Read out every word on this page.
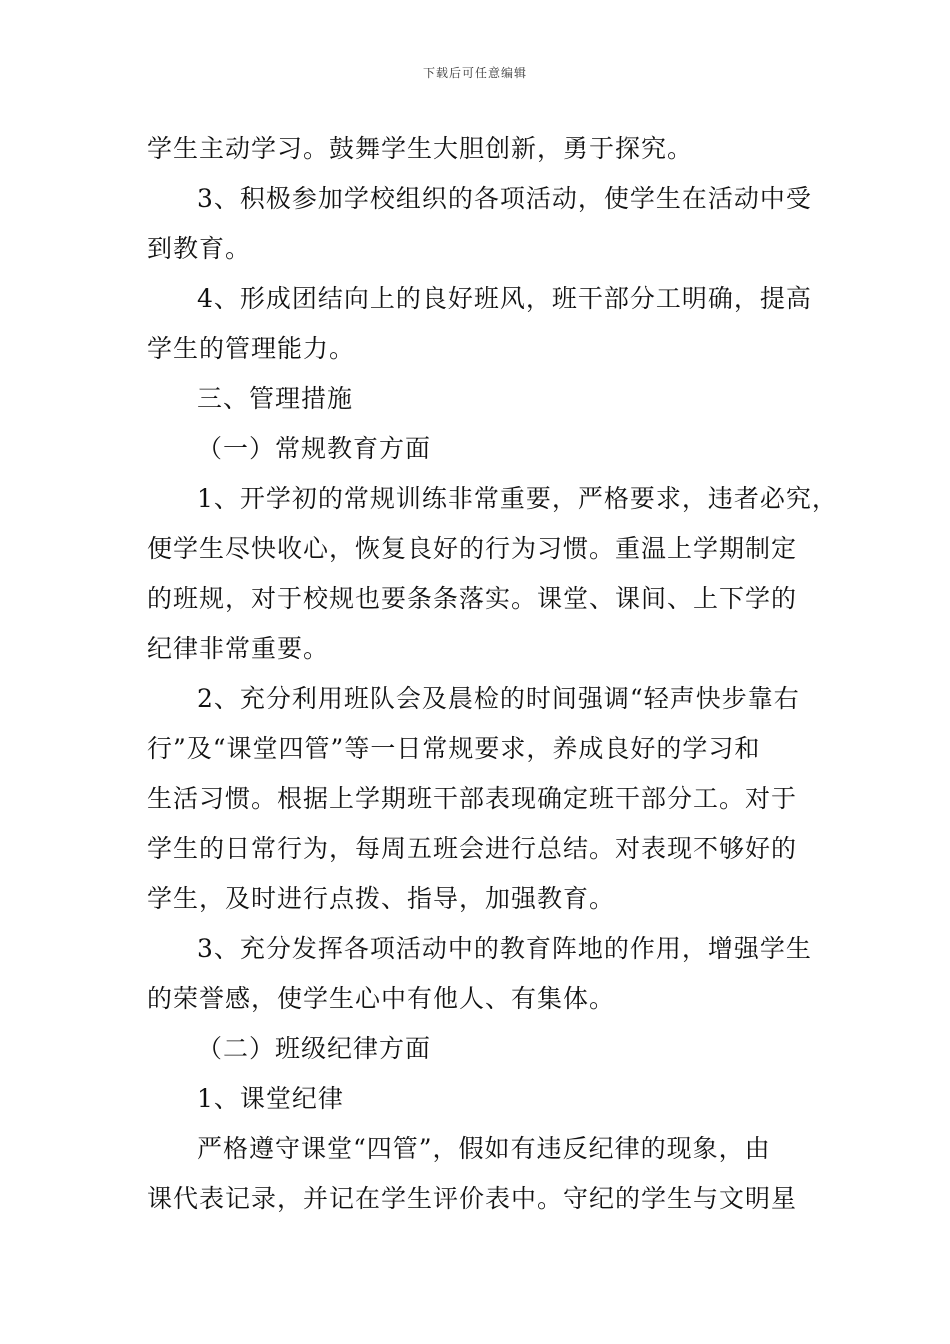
下载后可任意编辑
学生主动学习。鼓舞学生大胆创新，勇于探究。
3、积极参加学校组织的各项活动，使学生在活动中受
到教育。
4、形成团结向上的良好班风，班干部分工明确，提高
学生的管理能力。
三、管理措施
（一）常规教育方面
1、开学初的常规训练非常重要，严格要求，违者必究，
便学生尽快收心，恢复良好的行为习惯。重温上学期制定
的班规，对于校规也要条条落实。课堂、课间、上下学的
纪律非常重要。
2、充分利用班队会及晨检的时间强调“轻声快步靠右
行”及“课堂四管”等一日常规要求，养成良好的学习和
生活习惯。根据上学期班干部表现确定班干部分工。对于
学生的日常行为，每周五班会进行总结。对表现不够好的
学生，及时进行点拨、指导，加强教育。
3、充分发挥各项活动中的教育阵地的作用，增强学生
的荣誉感，使学生心中有他人、有集体。
（二）班级纪律方面
1、课堂纪律
严格遵守课堂“四管”，假如有违反纪律的现象，由
课代表记录，并记在学生评价表中。守纪的学生与文明星
